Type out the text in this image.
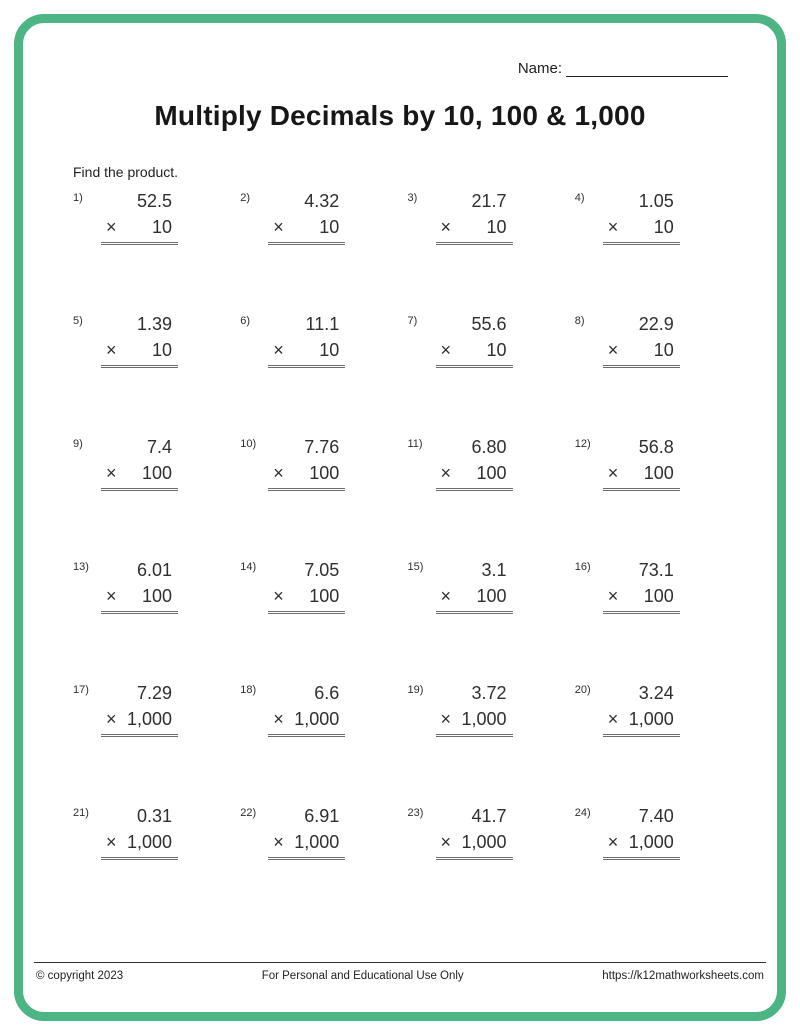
Name:
Multiply Decimals by 10, 100 & 1,000
Find the product.
1)	52.5
× 10
2)	4.32
× 10
3)	21.7
× 10
4)	1.05
× 10
5)	1.39
× 10
6)	11.1
× 10
7)	55.6
× 10
8)	22.9
× 10
9)	7.4
× 100
10)	7.76
× 100
11)	6.80
× 100
12)	56.8
× 100
13)	6.01
× 100
14)	7.05
× 100
15)	3.1
× 100
16)	73.1
× 100
17)	7.29
× 1,000
18)	6.6
× 1,000
19)	3.72
× 1,000
20)	3.24
× 1,000
21)	0.31
× 1,000
22)	6.91
× 1,000
23)	41.7
× 1,000
24)	7.40
× 1,000
© copyright 2023	For Personal and Educational Use Only	https://k12mathworksheets.com
